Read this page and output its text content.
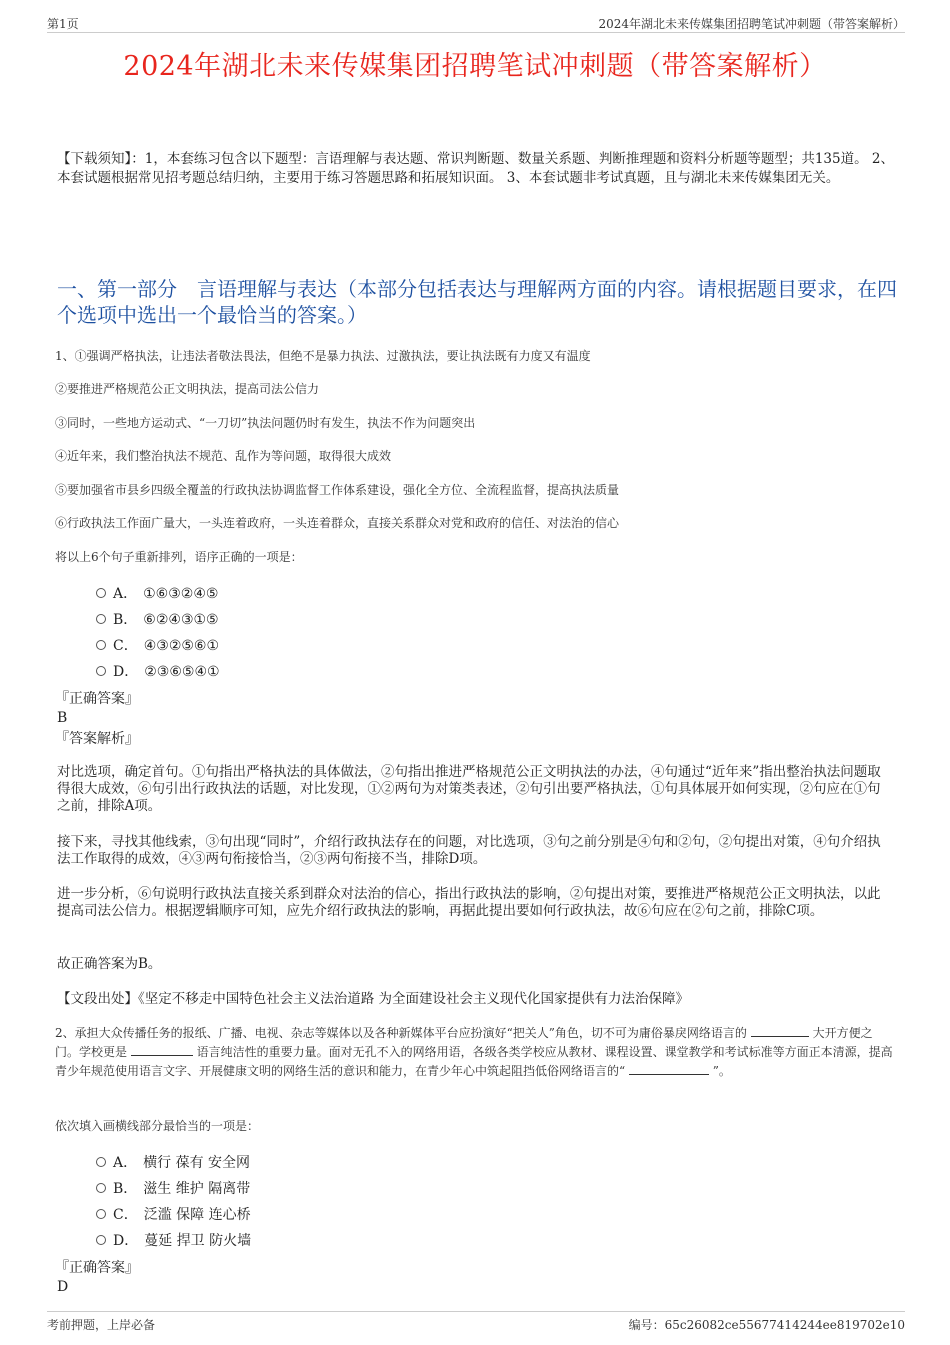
第1页	2024年湖北未来传媒集团招聘笔试冲刺题（带答案解析）
2024年湖北未来传媒集团招聘笔试冲刺题（带答案解析）
【下载须知】：1，本套练习包含以下题型：言语理解与表达题、常识判断题、数量关系题、判断推理题和资料分析题等题型；共135道。 2、本套试题根据常见招考题总结归纳，主要用于练习答题思路和拓展知识面。 3、本套试题非考试真题，且与湖北未来传媒集团无关。
一、第一部分　言语理解与表达（本部分包括表达与理解两方面的内容。请根据题目要求，在四个选项中选出一个最恰当的答案。）
1、①强调严格执法，让违法者敬法畏法，但绝不是暴力执法、过激执法，要让执法既有力度又有温度
②要推进严格规范公正文明执法，提高司法公信力
③同时，一些地方运动式、“一刀切”执法问题仍时有发生，执法不作为问题突出
④近年来，我们整治执法不规范、乱作为等问题，取得很大成效
⑤要加强省市县乡四级全覆盖的行政执法协调监督工作体系建设，强化全方位、全流程监督，提高执法质量
⑥行政执法工作面广量大，一头连着政府，一头连着群众，直接关系群众对党和政府的信任、对法治的信心
将以上6个句子重新排列，语序正确的一项是：
A． ①⑥③②④⑤
B． ⑥②④③①⑤
C． ④③②⑤⑥①
D． ②③⑥⑤④①
『正确答案』
B
『答案解析』
对比选项，确定首句。①句指出严格执法的具体做法，②句指出推进严格规范公正文明执法的办法，④句通过“近年来”指出整治执法问题取得很大成效，⑥句引出行政执法的话题，对比发现，①②两句为对策类表述，②句引出要严格执法，①句具体展开如何实现，②句应在①句之前，排除A项。
接下来，寻找其他线索，③句出现“同时”，介绍行政执法存在的问题，对比选项，③句之前分别是④句和②句，②句提出对策，④句介绍执法工作取得的成效，④③两句衔接恰当，②③两句衔接不当，排除D项。
进一步分析，⑥句说明行政执法直接关系到群众对法治的信心，指出行政执法的影响，②句提出对策，要推进严格规范公正文明执法，以此提高司法公信力。根据逻辑顺序可知，应先介绍行政执法的影响，再据此提出要如何行政执法，故⑥句应在②句之前，排除C项。
故正确答案为B。
【文段出处】《坚定不移走中国特色社会主义法治道路 为全面建设社会主义现代化国家提供有力法治保障》
2、承担大众传播任务的报纸、广播、电视、杂志等媒体以及各种新媒体平台应扮演好“把关人”角色，切不可为庸俗暴戾网络语言的	大开方便之门。学校更是	语言纯洁性的重要力量。面对无孔不入的网络用语，各级各类学校应从教材、课程设置、课堂教学和考试标准等方面正本清源，提高青少年规范使用语言文字、开展健康文明的网络生活的意识和能力，在青少年心中筑起阻挡低俗网络语言的“	”。
依次填入画横线部分最恰当的一项是：
A． 横行 葆有 安全网
B． 滋生 维护 隔离带
C． 泛滥 保障 连心桥
D． 蔓延 捍卫 防火墙
『正确答案』
D
考前押题，上岸必备	编号：65c26082ce55677414244ee819702e10
